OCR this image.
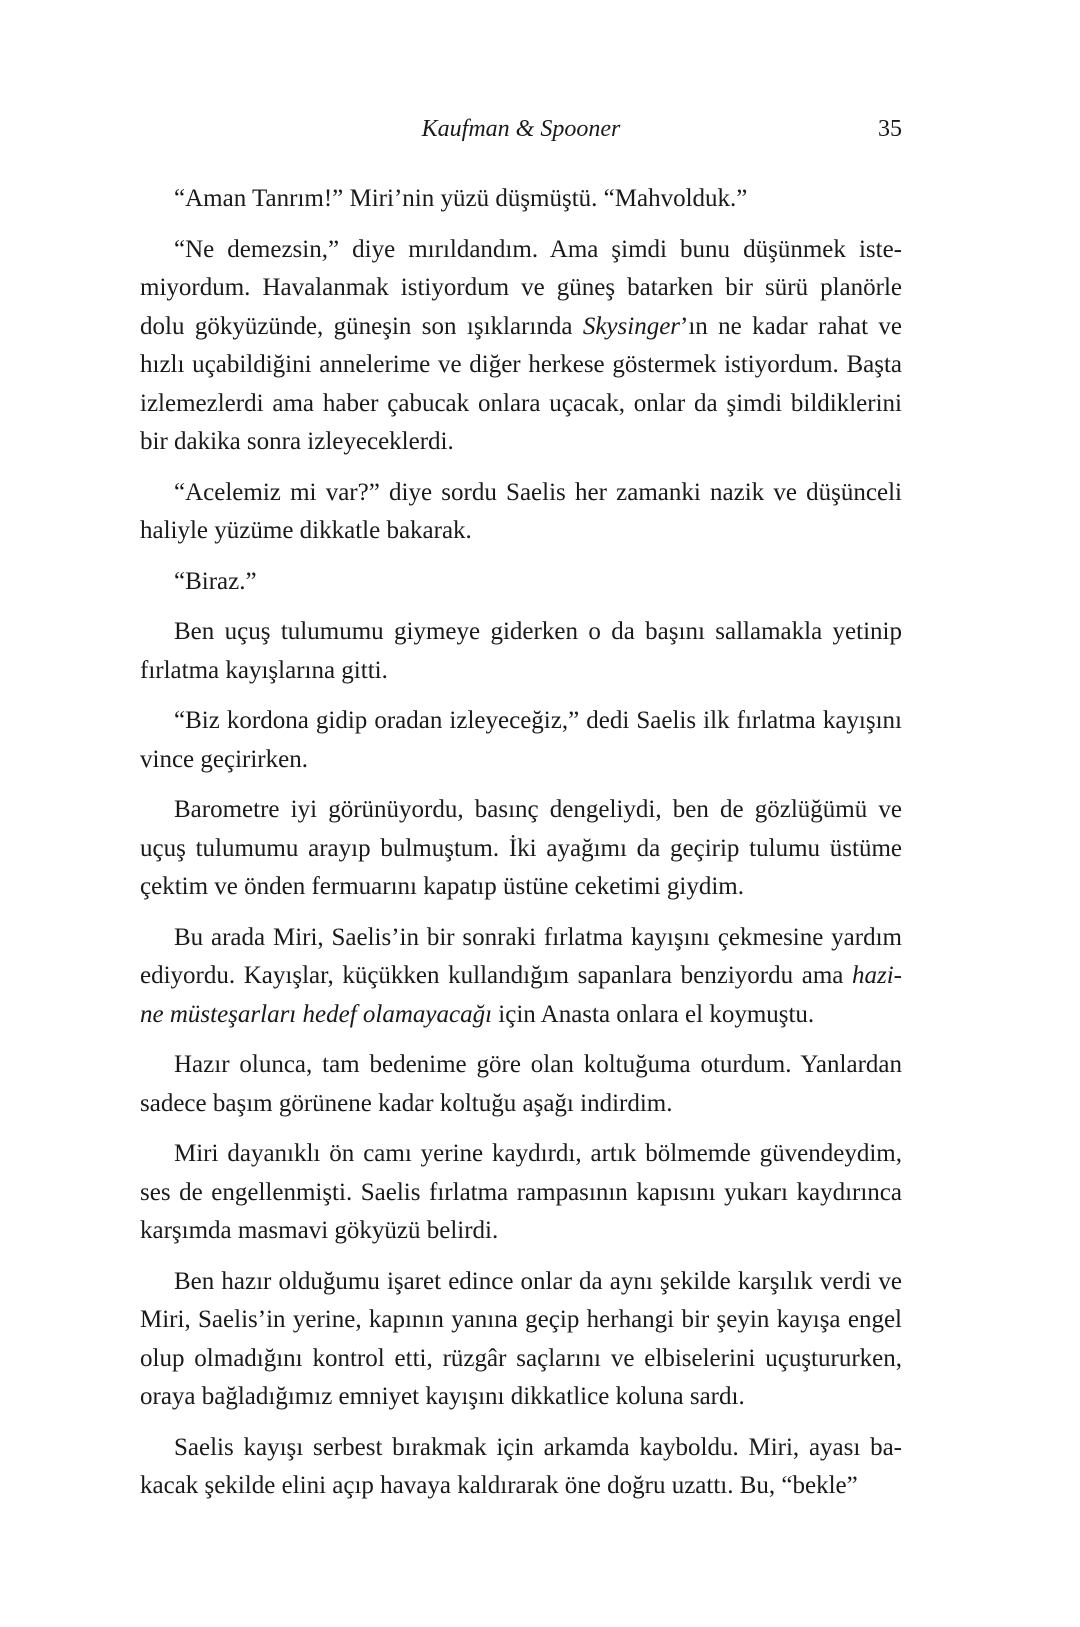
Kaufman & Spooner	35

“Aman Tanrım!” Miri’nin yüzü düşmüştü. “Mahvolduk.”

“Ne demezsin,” diye mırıldandım. Ama şimdi bunu düşünmek iste-miyordum. Havalanmak istiyordum ve güneş batarken bir sürü planörle dolu gökyüzünde, güneşin son ışıklarında Skysinger’ın ne kadar rahat ve hızlı uçabildiğini annelerime ve diğer herkese göstermek istiyordum. Başta izlemezlerdi ama haber çabucak onlara uçacak, onlar da şimdi bildiklerini bir dakika sonra izleyeceklerdi.

“Acelemiz mi var?” diye sordu Saelis her zamanki nazik ve düşünceli haliyle yüzüme dikkatle bakarak.

“Biraz.”

Ben uçuş tulumumu giymeye giderken o da başını sallamakla yetinip fırlatma kayışlarına gitti.

“Biz kordona gidip oradan izleyeceğiz,” dedi Saelis ilk fırlatma kayışını vince geçirirken.

Barometre iyi görünüyordu, basınç dengeliydi, ben de gözlüğümü ve uçuş tulumumu arayıp bulmuştum. İki ayağımı da geçirip tulumu üstüme çektim ve önden fermuarını kapatıp üstüne ceketimi giydim.

Bu arada Miri, Saelis’in bir sonraki fırlatma kayışını çekmesine yardım ediyordu. Kayışlar, küçükken kullandığım sapanlara benziyordu ama hazi-ne müsteşarları hedef olamayacağı için Anasta onlara el koymuştu.

Hazır olunca, tam bedenime göre olan koltuğuma oturdum. Yanlardan sadece başım görünene kadar koltuğu aşağı indirdim.

Miri dayanıklı ön camı yerine kaydırdı, artık bölmemde güvendeydim, ses de engellenmişti. Saelis fırlatma rampasının kapısını yukarı kaydırınca karşımda masmavi gökyüzü belirdi.

Ben hazır olduğumu işaret edince onlar da aynı şekilde karşılık verdi ve Miri, Saelis’in yerine, kapının yanına geçip herhangi bir şeyin kayışa engel olup olmadığını kontrol etti, rüzgâr saçlarını ve elbiselerini uçuştururken, oraya bağladığımız emniyet kayışını dikkatlice koluna sardı.

Saelis kayışı serbest bırakmak için arkamda kayboldu. Miri, ayası ba-kacak şekilde elini açıp havaya kaldırarak öne doğru uzattı. Bu, “bekle”
